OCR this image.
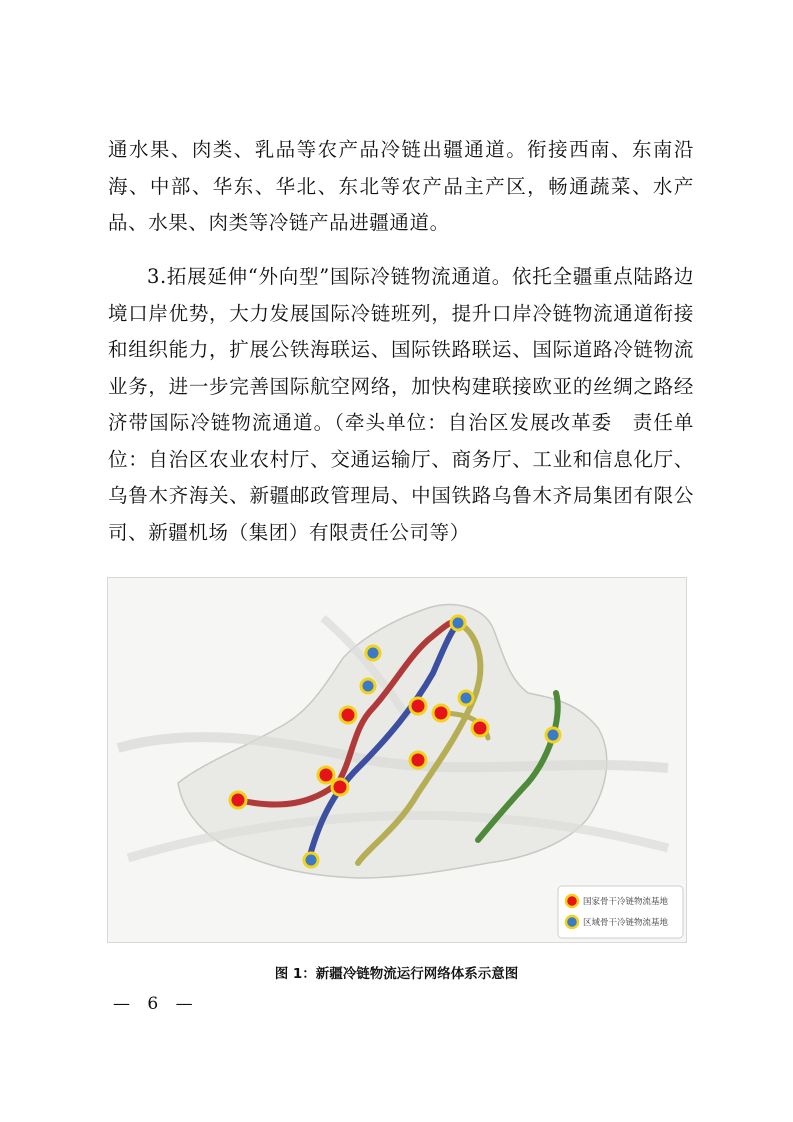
通水果、肉类、乳品等农产品冷链出疆通道。衔接西南、东南沿海、中部、华东、华北、东北等农产品主产区，畅通蔬菜、水产品、水果、肉类等冷链产品进疆通道。

3.拓展延伸“外向型”国际冷链物流通道。依托全疆重点陆路边境口岸优势，大力发展国际冷链班列，提升口岸冷链物流通道衔接和组织能力，扩展公铁海联运、国际铁路联运、国际道路冷链物流业务，进一步完善国际航空网络，加快构建联接欧亚的丝绸之路经济带国际冷链物流通道。（牵头单位：自治区发展改革委　责任单位：自治区农业农村厅、交通运输厅、商务厅、工业和信息化厅、乌鲁木齐海关、新疆邮政管理局、中国铁路乌鲁木齐局集团有限公司、新疆机场（集团）有限责任公司等）

国家骨干冷链物流基地
区域骨干冷链物流基地
图 1：新疆冷链物流运行网络体系示意图
— 6 —
